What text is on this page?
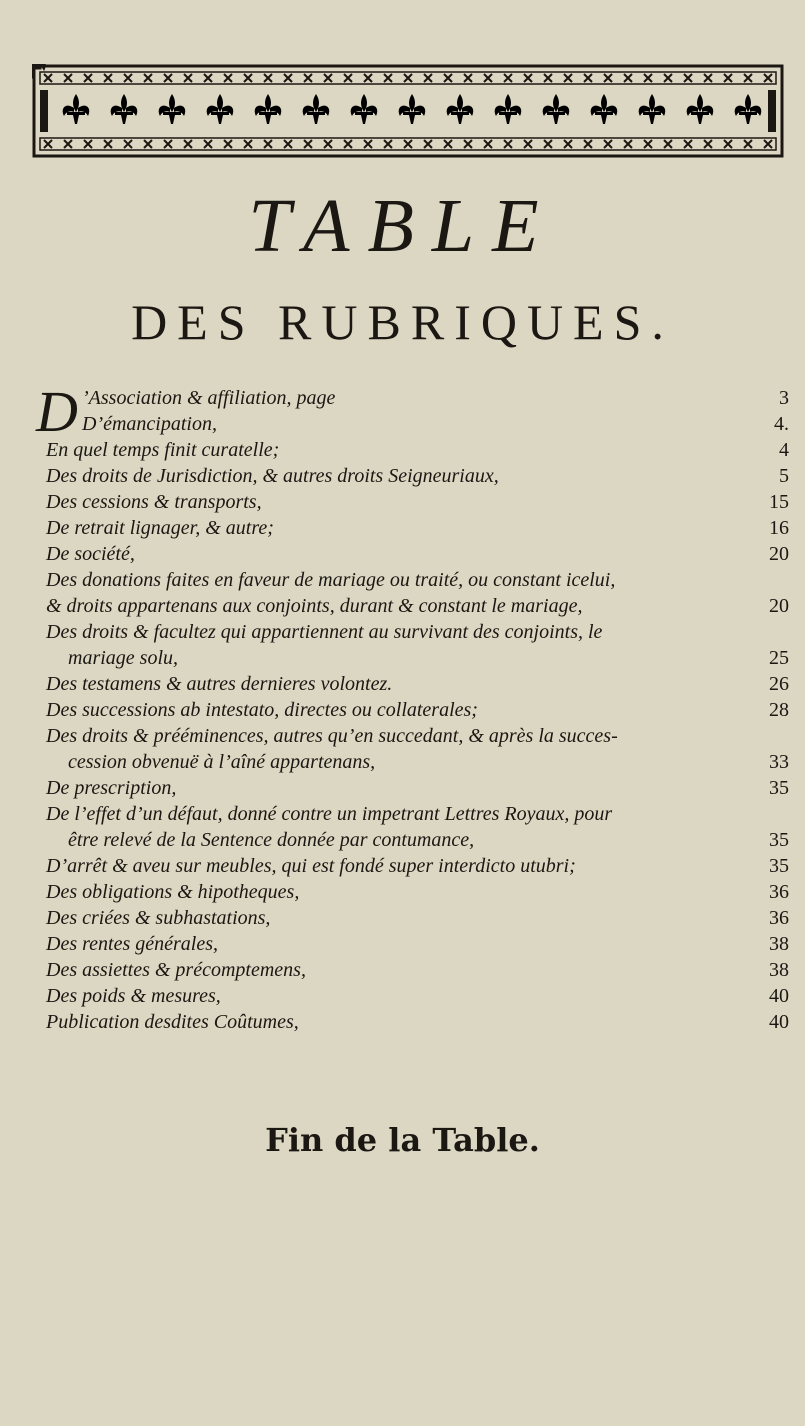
TABLE
DES RUBRIQUES.
D ’Association & affiliation, page	3
D’émancipation,	4.
En quel temps finit curatelle;	4
Des droits de Jurisdiction, & autres droits Seigneuriaux,	5
Des cessions & transports,	15
De retrait lignager, & autre;	16
De société,	20
Des donations faites en faveur de mariage ou traité, ou constant icelui,
& droits appartenans aux conjoints, durant & constant le mariage,	20
Des droits & facultez qui appartiennent au survivant des conjoints, le
mariage solu,	25
Des testamens & autres dernieres volontez.	26
Des successions ab intestato, directes ou collaterales;	28
Des droits & prééminences, autres qu’en succedant, & après la succes-
cession obvenuë à l’aîné appartenans,	33
De prescription,	35
De l’effet d’un défaut, donné contre un impetrant Lettres Royaux, pour
être relevé de la Sentence donnée par contumance,	35
D’arrêt & aveu sur meubles, qui est fondé super interdicto utubri;	35
Des obligations & hipotheques,	36
Des criées & subhastations,	36
Des rentes générales,	38
Des assiettes & précomptemens,	38
Des poids & mesures,	40
Publication desdites Coûtumes,	40
Fin de la Table.
